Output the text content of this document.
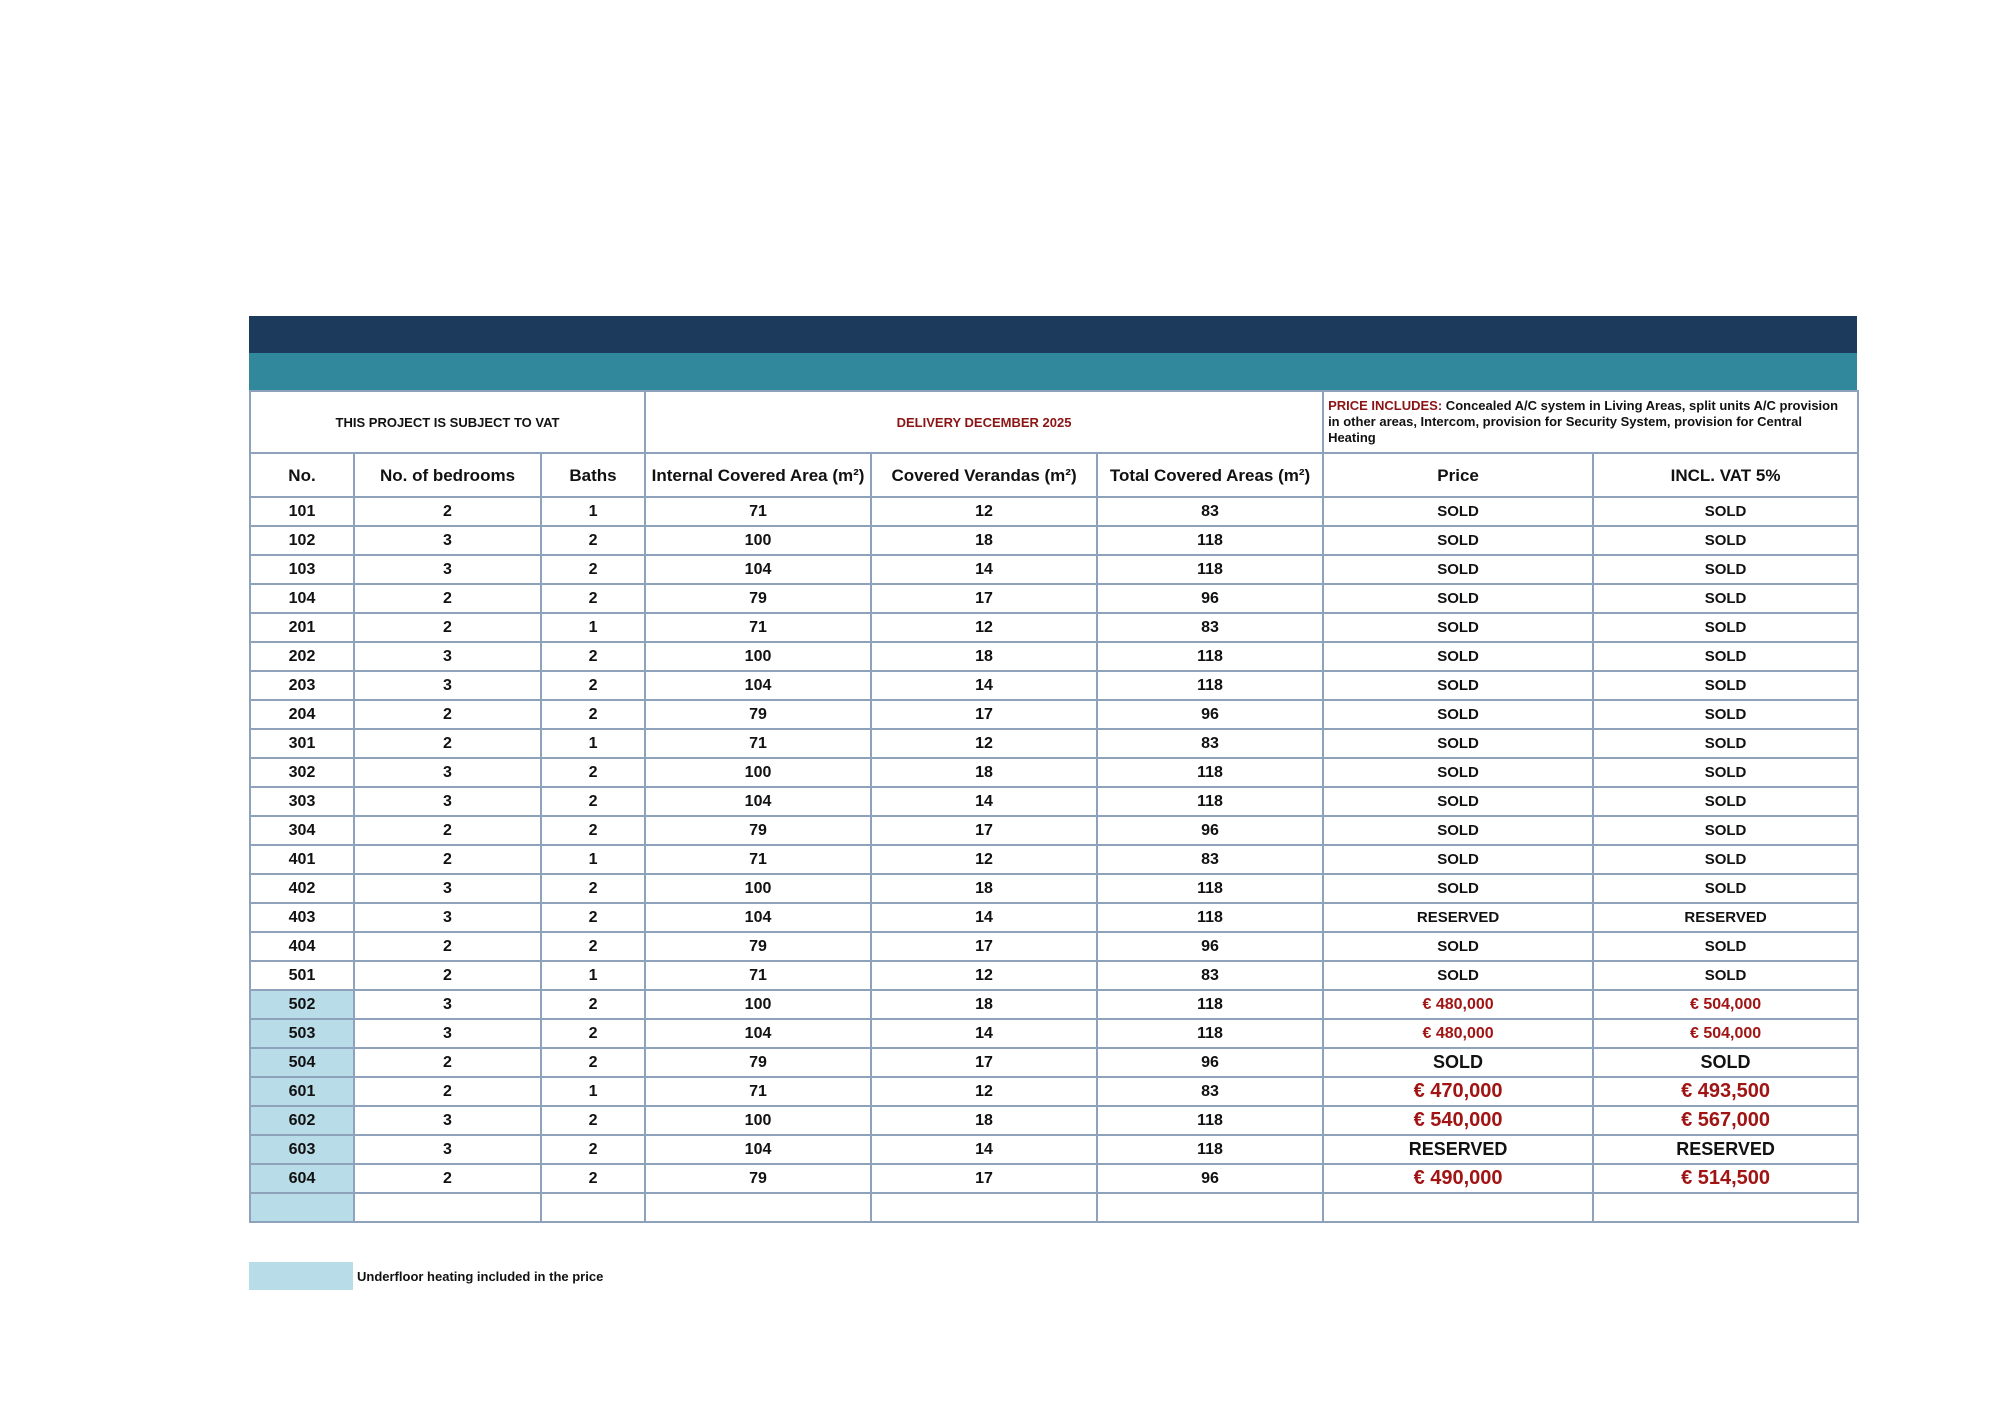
THIS PROJECT IS SUBJECT TO VAT			DELIVERY DECEMBER 2025			PRICE INCLUDES: Concealed A/C system in Living Areas, split units A/C provision in other areas, Intercom, provision for Security System, provision for Central Heating	
No.	No. of bedrooms	Baths	Internal Covered Area (m²)	Covered Verandas (m²)	Total Covered Areas (m²)	Price	INCL. VAT 5%
101	2	1	71	12	83	SOLD	SOLD
102	3	2	100	18	118	SOLD	SOLD
103	3	2	104	14	118	SOLD	SOLD
104	2	2	79	17	96	SOLD	SOLD
201	2	1	71	12	83	SOLD	SOLD
202	3	2	100	18	118	SOLD	SOLD
203	3	2	104	14	118	SOLD	SOLD
204	2	2	79	17	96	SOLD	SOLD
301	2	1	71	12	83	SOLD	SOLD
302	3	2	100	18	118	SOLD	SOLD
303	3	2	104	14	118	SOLD	SOLD
304	2	2	79	17	96	SOLD	SOLD
401	2	1	71	12	83	SOLD	SOLD
402	3	2	100	18	118	SOLD	SOLD
403	3	2	104	14	118	RESERVED	RESERVED
404	2	2	79	17	96	SOLD	SOLD
501	2	1	71	12	83	SOLD	SOLD
502	3	2	100	18	118	€ 480,000	€ 504,000
503	3	2	104	14	118	€ 480,000	€ 504,000
504	2	2	79	17	96	SOLD	SOLD
601	2	1	71	12	83	€ 470,000	€ 493,500
602	3	2	100	18	118	€ 540,000	€ 567,000
603	3	2	104	14	118	RESERVED	RESERVED
604	2	2	79	17	96	€ 490,000	€ 514,500

Underfloor heating included in the price
